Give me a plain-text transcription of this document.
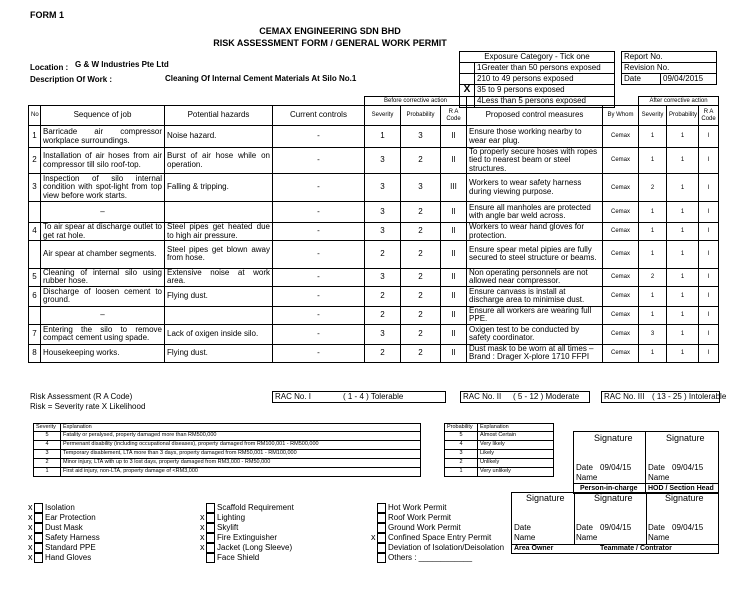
FORM 1
CEMAX ENGINEERING SDN BHD
RISK ASSESSMENT FORM / GENERAL WORK PERMIT
Location : G & W Industries Pte Ltd
Description Of Work :	Cleaning Of Internal Cement Materials At Silo No.1
Exposure Category - Tick one	
	1Greater than 50 persons exposed
	210 to 49 persons exposed
X	35 to 9 persons exposed
	4Less than 5 persons exposed
Report No.
Revision No.
Date	09/04/2015
				Before corrective action					After corrective action		
No	Sequence of job	Potential hazards	Current controls	Severity	Probability	R A Code	Proposed control measures	By Whom	Severity	Probability	R A Code
1	Barricade air compressor workplace surroundings.	Noise hazard.	-	1	3	II	Ensure those working nearby to wear ear plug.	Cemax	1	1	I
2	Installation of air hoses from air compressor till silo roof-top.	Burst of air hose while on operation.	-	3	2	II	To properly secure hoses with ropes tied to nearest beam or steel structures.	Cemax	1	1	I
3	Inspection of silo internal condition with spot-light from top view before work starts.	Falling & tripping.	-	3	3	III	Workers to wear safety harness during viewing purpose.	Cemax	2	1	I
	–		-	3	2	II	Ensure all manholes are protected with angle bar weld across.	Cemax	1	1	I
4	To air spear at discharge outlet to get rat hole.	Steel pipes get heated due to high air pressure.	-	3	2	II	Workers to wear hand gloves for protection.	Cemax	1	1	I
	Air spear at chamber segments.	Steel pipes get blown away from hose.	-	2	2	II	Ensure spear metal pipies are fully secured to steel structure or beams.	Cemax	1	1	I
5	Cleaning of internal silo using rubber hose.	Extensive noise at work area.	-	3	2	II	Non operating personnels are not allowed near compressor.	Cemax	2	1	I
6	Discharge of loosen cement to ground.	Flying dust.	-	2	2	II	Ensure canvass is install at discharge area to minimise dust.	Cemax	1	1	I
	–		-	2	2	II	Ensure all workers are wearing full PPE.	Cemax	1	1	I
7	Entering the silo to remove compact cement using spade.	Lack of oxigen inside silo.	-	3	2	II	Oxigen test to be conducted by safety coordinator.	Cemax	3	1	I
8	Housekeeping works.	Flying dust.	-	2	2	II	Dust mask to be worn at all times – Brand : Drager X-plore 1710 FFPI	Cemax	1	1	I
Risk Assessment (R A Code)
Risk = Severity rate X Likelihood
RAC No. I	( 1 - 4 ) Tolerable	RAC No. II ( 5 - 12 ) Moderate	RAC No. III ( 13 - 25 ) Intolerable
Severity	Explanation
5	Fatality or peralysed, property damaged more than RM500,000
4	Permenant disability (including occupational diseases), property damaged from RM100,001 - RM500,000
3	Temporary disablement, LTA more than 3 days, property damaged from RM50,001 - RM100,000
2	Minor injury, LTA with up to 3 lost days, property damaged from RM3,000 - RM50,000
1	First aid injury, non-LTA, property damage of <RM3,000
Probability	Explanation
5	Almost Certain
4	Very likely
3	Likely
2	Unlikely
1	Very unlikely
Signature	Signature
Date 09/04/15 Date 09/04/15
Name	Name
Person-in-charge HOD / Section Head
Signature	Signature	Signature
Date	Date 09/04/15 Date 09/04/15
Name	Name	Name
Area Owner	Teammate / Contrator
x Isolation
x Ear Protection
x Dust Mask
x Safety Harness
x Standard PPE
x Hand Gloves
Scaffold Requirement
x Lighting
x Skylift
x Fire Extinguisher
x Jacket (Long Sleeve)
Face Shield
Hot Work Permit
Roof Work Permit
Ground Work Permit
x Confined Space Entry Permit
Deviation of Isolation/Deisolation
Others : ____________
